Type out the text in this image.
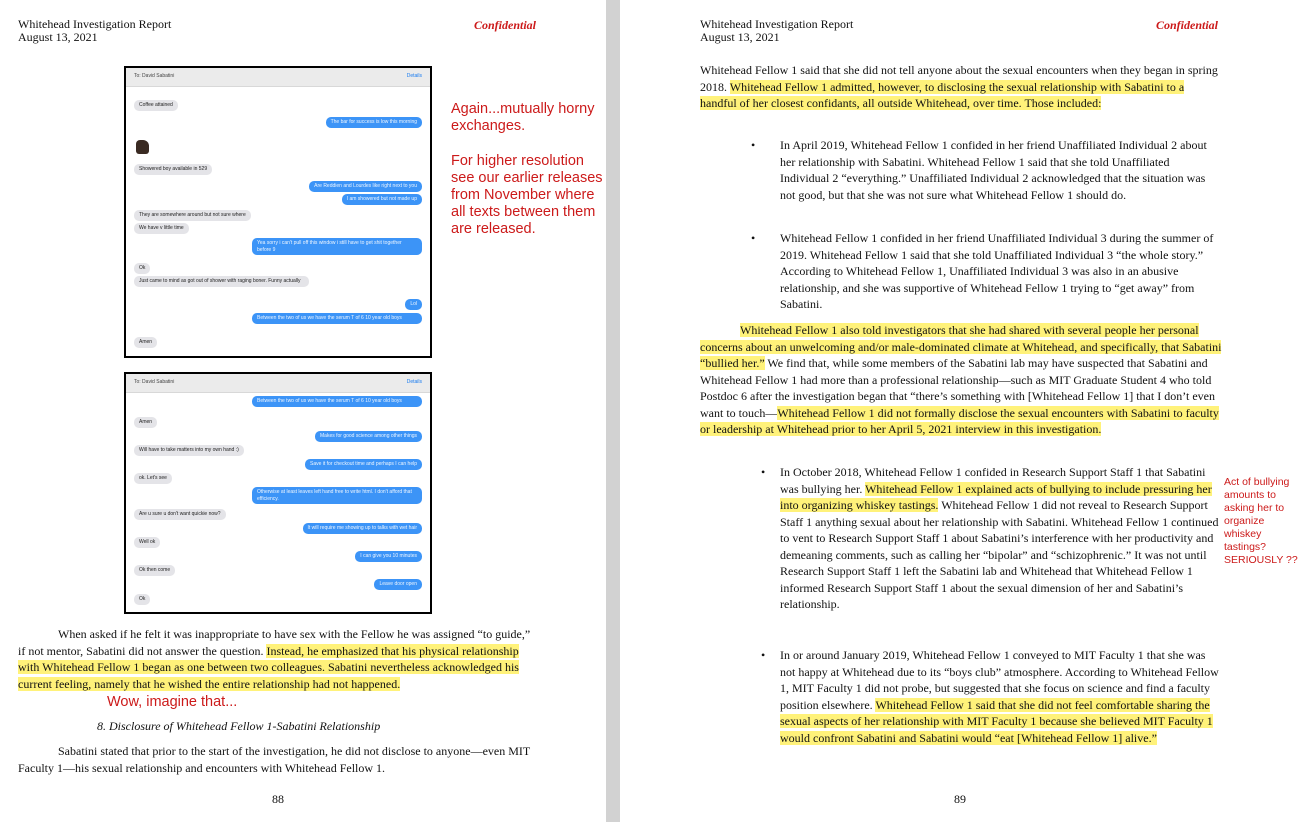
Whitehead Investigation Report
August 13, 2021
Confidential
To: David Sabatini	Details
Coffee attained
The bar for success is low this morning
Showered boy available in 529
Are Reddien and Lourdes like right next to you
I am showered but not made up
They are somewhere around but not sure where
We have v little time
Yea sorry i can't pull off this window i still have to get shit together before 9
Ok
Just came to mind as got out of shower with raging boner. Funny actually
Lol
Between the two of us we have the serum T of 6 10 year old boys
Amen
To: David Sabatini	Details
Between the two of us we have the serum T of 6 10 year old boys
Amen
Makes for good science among other things
Will have to take matters into my own hand :)
Save it for checkout time and perhaps I can help
ok. Let's see
Otherwise at least leaves left hand free to write html. I don't afford that efficiency.
Are u sure u don't want quickie now?
It will require me showing up to talks with wet hair
Well ok
I can give you 10 minutes
Ok then come
Leave door open
Ok
Again...mutually horny exchanges.
For higher resolution see our earlier releases from November where all texts between them are released.

When asked if he felt it was inappropriate to have sex with the Fellow he was assigned “to guide,” if not mentor, Sabatini did not answer the question. Instead, he emphasized that his physical relationship with Whitehead Fellow 1 began as one between two colleagues. Sabatini nevertheless acknowledged his current feeling, namely that he wished the entire relationship had not happened.

Wow, imagine that...
8. Disclosure of Whitehead Fellow 1-Sabatini Relationship

Sabatini stated that prior to the start of the investigation, he did not disclose to anyone—even MIT Faculty 1—his sexual relationship and encounters with Whitehead Fellow 1.

88
Whitehead Investigation Report
August 13, 2021
Confidential

Whitehead Fellow 1 said that she did not tell anyone about the sexual encounters when they began in spring 2018. Whitehead Fellow 1 admitted, however, to disclosing the sexual relationship with Sabatini to a handful of her closest confidants, all outside Whitehead, over time. Those included:

• In April 2019, Whitehead Fellow 1 confided in her friend Unaffiliated Individual 2 about her relationship with Sabatini. Whitehead Fellow 1 said that she told Unaffiliated Individual 2 “everything.” Unaffiliated Individual 2 acknowledged that the situation was not good, but that she was not sure what Whitehead Fellow 1 should do.

• Whitehead Fellow 1 confided in her friend Unaffiliated Individual 3 during the summer of 2019. Whitehead Fellow 1 said that she told Unaffiliated Individual 3 “the whole story.” According to Whitehead Fellow 1, Unaffiliated Individual 3 was also in an abusive relationship, and she was supportive of Whitehead Fellow 1 trying to “get away” from Sabatini.

Whitehead Fellow 1 also told investigators that she had shared with several people her personal concerns about an unwelcoming and/or male-dominated climate at Whitehead, and specifically, that Sabatini “bullied her.” We find that, while some members of the Sabatini lab may have suspected that Sabatini and Whitehead Fellow 1 had more than a professional relationship—such as MIT Graduate Student 4 who told Postdoc 6 after the investigation began that “there’s something with [Whitehead Fellow 1] that I don’t even want to touch—Whitehead Fellow 1 did not formally disclose the sexual encounters with Sabatini to faculty or leadership at Whitehead prior to her April 5, 2021 interview in this investigation.

• In October 2018, Whitehead Fellow 1 confided in Research Support Staff 1 that Sabatini was bullying her. Whitehead Fellow 1 explained acts of bullying to include pressuring her into organizing whiskey tastings. Whitehead Fellow 1 did not reveal to Research Support Staff 1 anything sexual about her relationship with Sabatini. Whitehead Fellow 1 continued to vent to Research Support Staff 1 about Sabatini’s interference with her productivity and demeaning comments, such as calling her “bipolar” and “schizophrenic.” It was not until Research Support Staff 1 left the Sabatini lab and Whitehead that Whitehead Fellow 1 informed Research Support Staff 1 about the sexual dimension of her and Sabatini’s relationship.

Act of bullying amounts to asking her to organize whiskey tastings? SERIOUSLY ??
• In or around January 2019, Whitehead Fellow 1 conveyed to MIT Faculty 1 that she was not happy at Whitehead due to its “boys club” atmosphere. According to Whitehead Fellow 1, MIT Faculty 1 did not probe, but suggested that she focus on science and find a faculty position elsewhere. Whitehead Fellow 1 said that she did not feel comfortable sharing the sexual aspects of her relationship with MIT Faculty 1 because she believed MIT Faculty 1 would confront Sabatini and Sabatini would “eat [Whitehead Fellow 1] alive.”

89
